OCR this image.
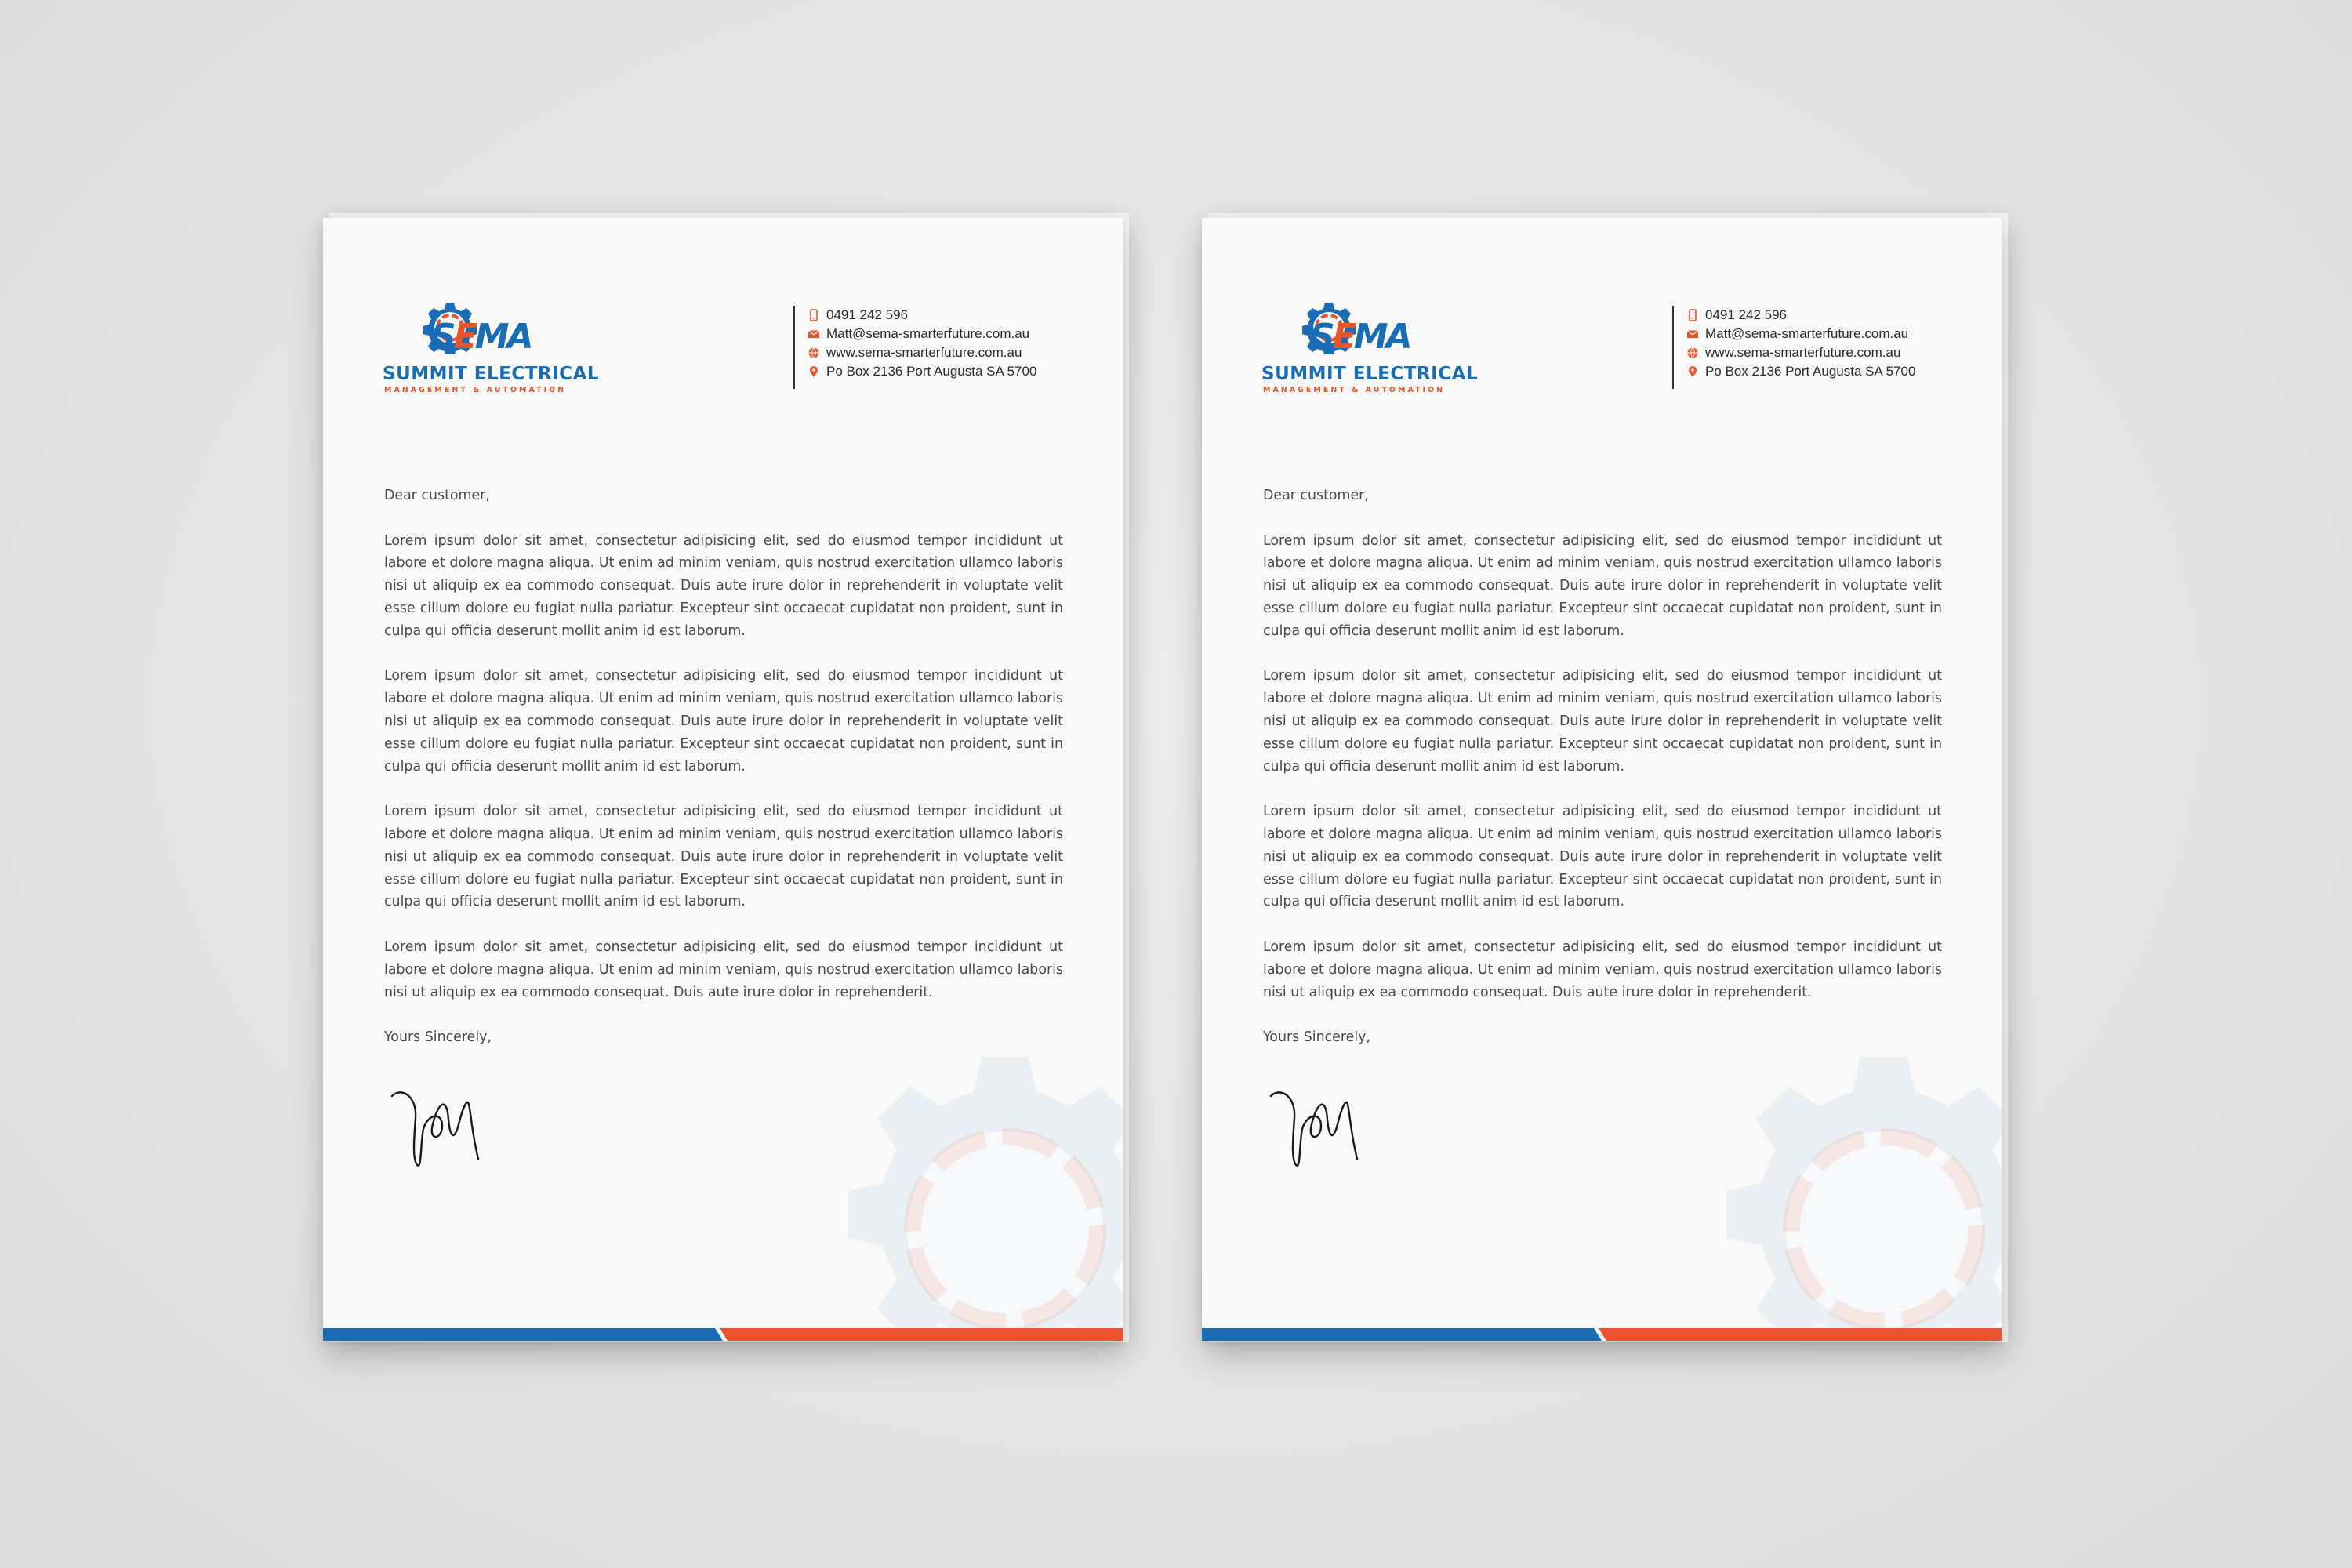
SEMA
SUMMIT ELECTRICAL
MANAGEMENT & AUTOMATION
0491 242 596
Matt@sema-smarterfuture.com.au
www.sema-smarterfuture.com.au
Po Box 2136 Port Augusta SA 5700

Dear customer,

Lorem ipsum dolor sit amet, consectetur adipisicing elit, sed do eiusmod tempor incididunt ut labore et dolore magna aliqua. Ut enim ad minim veniam, quis nostrud exercitation ullamco laboris nisi ut aliquip ex ea commodo consequat. Duis aute irure dolor in reprehenderit in voluptate velit esse cillum dolore eu fugiat nulla pariatur. Excepteur sint occaecat cupidatat non proident, sunt in culpa qui officia deserunt mollit anim id est laborum.

Lorem ipsum dolor sit amet, consectetur adipisicing elit, sed do eiusmod tempor incididunt ut labore et dolore magna aliqua. Ut enim ad minim veniam, quis nostrud exercitation ullamco laboris nisi ut aliquip ex ea commodo consequat. Duis aute irure dolor in reprehenderit in voluptate velit esse cillum dolore eu fugiat nulla pariatur. Excepteur sint occaecat cupidatat non proident, sunt in culpa qui officia deserunt mollit anim id est laborum.

Lorem ipsum dolor sit amet, consectetur adipisicing elit, sed do eiusmod tempor incididunt ut labore et dolore magna aliqua. Ut enim ad minim veniam, quis nostrud exercitation ullamco laboris nisi ut aliquip ex ea commodo consequat. Duis aute irure dolor in reprehenderit in voluptate velit esse cillum dolore eu fugiat nulla pariatur. Excepteur sint occaecat cupidatat non proident, sunt in culpa qui officia deserunt mollit anim id est laborum.

Lorem ipsum dolor sit amet, consectetur adipisicing elit, sed do eiusmod tempor incididunt ut labore et dolore magna aliqua. Ut enim ad minim veniam, quis nostrud exercitation ullamco laboris nisi ut aliquip ex ea commodo consequat. Duis aute irure dolor in reprehenderit.

Yours Sincerely,

SEMA
SUMMIT ELECTRICAL
MANAGEMENT & AUTOMATION
0491 242 596
Matt@sema-smarterfuture.com.au
www.sema-smarterfuture.com.au
Po Box 2136 Port Augusta SA 5700

Dear customer,

Lorem ipsum dolor sit amet, consectetur adipisicing elit, sed do eiusmod tempor incididunt ut labore et dolore magna aliqua. Ut enim ad minim veniam, quis nostrud exercitation ullamco laboris nisi ut aliquip ex ea commodo consequat. Duis aute irure dolor in reprehenderit in voluptate velit esse cillum dolore eu fugiat nulla pariatur. Excepteur sint occaecat cupidatat non proident, sunt in culpa qui officia deserunt mollit anim id est laborum.

Lorem ipsum dolor sit amet, consectetur adipisicing elit, sed do eiusmod tempor incididunt ut labore et dolore magna aliqua. Ut enim ad minim veniam, quis nostrud exercitation ullamco laboris nisi ut aliquip ex ea commodo consequat. Duis aute irure dolor in reprehenderit in voluptate velit esse cillum dolore eu fugiat nulla pariatur. Excepteur sint occaecat cupidatat non proident, sunt in culpa qui officia deserunt mollit anim id est laborum.

Lorem ipsum dolor sit amet, consectetur adipisicing elit, sed do eiusmod tempor incididunt ut labore et dolore magna aliqua. Ut enim ad minim veniam, quis nostrud exercitation ullamco laboris nisi ut aliquip ex ea commodo consequat. Duis aute irure dolor in reprehenderit in voluptate velit esse cillum dolore eu fugiat nulla pariatur. Excepteur sint occaecat cupidatat non proident, sunt in culpa qui officia deserunt mollit anim id est laborum.

Lorem ipsum dolor sit amet, consectetur adipisicing elit, sed do eiusmod tempor incididunt ut labore et dolore magna aliqua. Ut enim ad minim veniam, quis nostrud exercitation ullamco laboris nisi ut aliquip ex ea commodo consequat. Duis aute irure dolor in reprehenderit.

Yours Sincerely,
